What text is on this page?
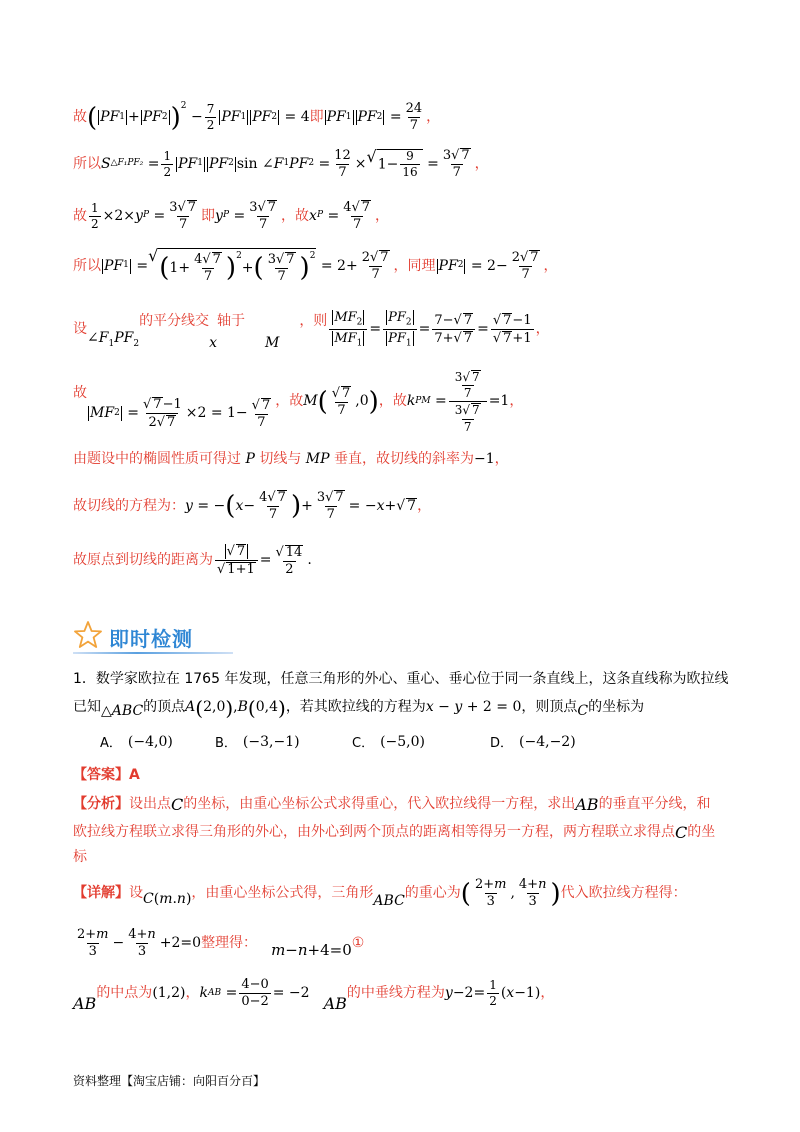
故 ( PF 1 + PF 2 )$^2$
− 7
2
PF 1 PF 2 = 4 即 PF 1 PF 2 =
24
7
，
所以 S △F₁PF₂ = 1
2
PF 1 PF 2 sin ∠ F 1 PF 2 =
12
7
× √ $1- \frac{9}{16}$ =
3√ 7
7
，
故 1
2
×2× y P =
3√ 7
7
即 y P =
3√ 7
7
， 故 x P =
4√ 7
7
，
所以 PF 1 =
√ ( 1+
4√ 7
7 )$^2$
+ ( 3√ 7
7 )$^2$
= 2+
2√ 7
7
， 同理 PF 2 = 2−
2√ 7
7
，
设
$\angle F_1PF_2$
的平分线交
x
轴于
M
，则 $MF_2$
$MF_1$
=
$PF_2$
$PF_1$
=
7−√ 7
7+√ 7
=
√ 7−1
√ 7+1
，
故
MF 2 =
√ 7−1
2√ 7
×2 = 1−
√ 7
7
， 故 M ( √ 7
7
,0 ) ， 故 k PM =
$\frac{3√ 7}{7}$
$\frac{3√ 7}{7}$
=1 ，
由题设中的椭圆性质可得过 P 切线与 MP 垂直，故切线的斜率为 −1 ，
故切线的方程为： y = − ( x −
4√ 7
7 ) +
3√ 7
7
= − x +√ 7 ，
故原点到切线的距离为
√ 7
√ 1+1
=
√ 14
2
.
即时检测
1． 数学家欧拉在 1765 年发现，任意三角形的外心、重心、垂心位于同一条直线上，这条直线称为欧拉线
已知 △ABC 的顶点 A ( 2,0 ) , B ( 0,4 ) ，若其欧拉线的方程为 x − y + 2 = 0 ，则顶点 C 的坐标为
A． (−4,0)	B． (−3,−1)	C． (−5,0)	D． (−4,−2)
【答案】 A
【分析】 设出点 C 的坐标，由重心坐标公式求得重心，代入欧拉线得一方程，求出 AB 的垂直平分线，和
欧拉线方程联立求得三角形的外心，由外心到两个顶点的距离相等得另一方程，两方程联立求得点 C 的坐
标
【详解】 设 C(m.n) ，由重心坐标公式得，三角形 ABC 的重心为 ( 2+m
3
,
4+n
3 ) 代入欧拉线方程得：
2+m
3
−
4+n
3
+2=0 整理得： m−n+4=0 ①
AB
的中点为 (1,2) ， k AB =
4−0
0−2
= −2
AB
的中垂线方程为 y −2= 1
2
( x −1) ，
资料整理【淘宝店铺：向阳百分百】
